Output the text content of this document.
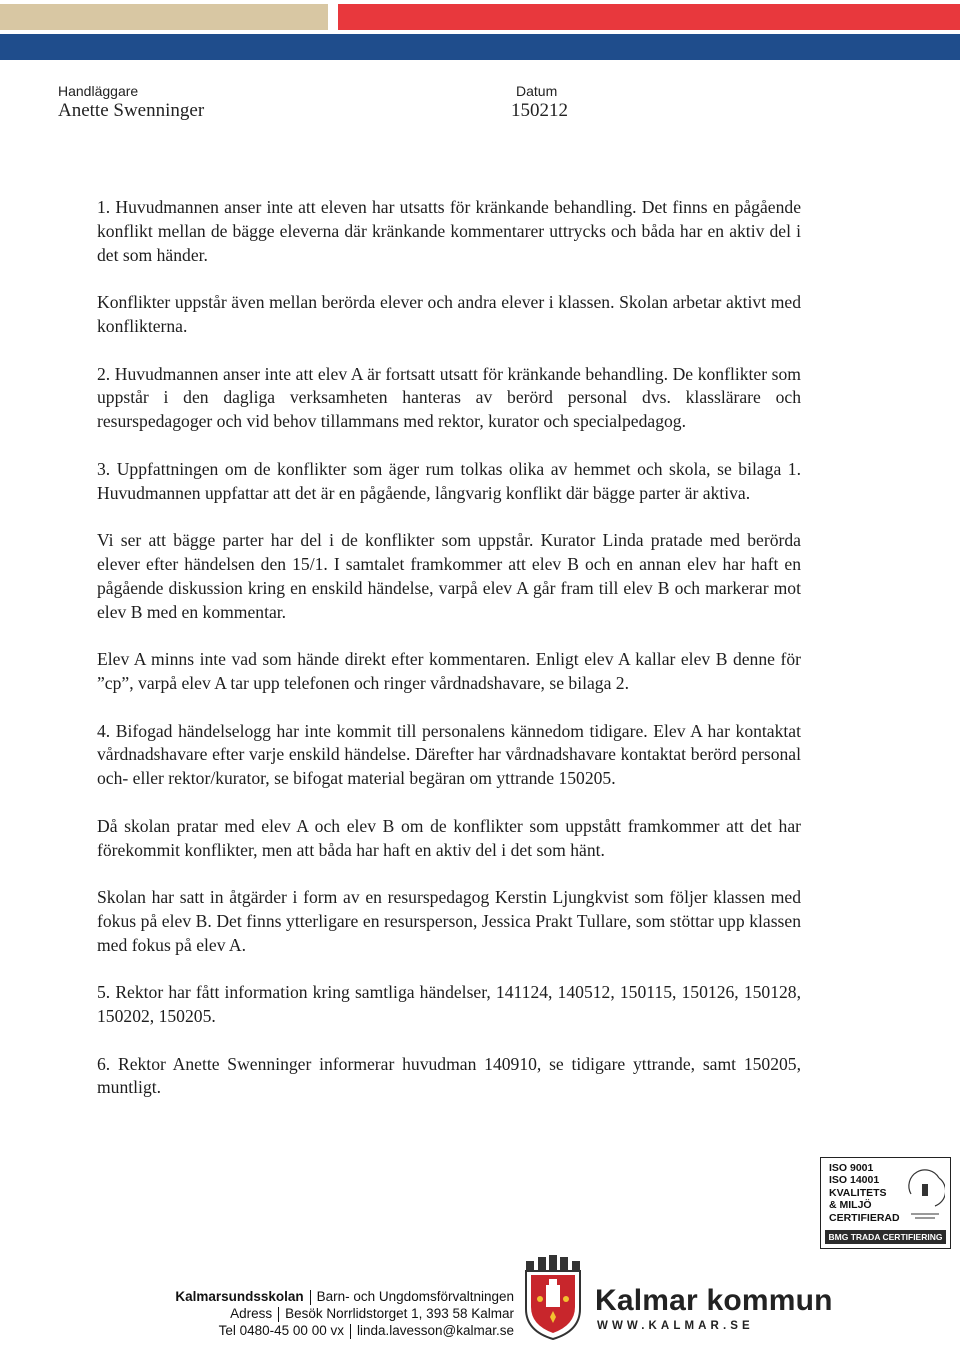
Handläggare
Anette Swenninger
Datum
150212

1. Huvudmannen anser inte att eleven har utsatts för kränkande behandling. Det finns en pågående konflikt mellan de bägge eleverna där kränkande kommentarer uttrycks och båda har en aktiv del i det som händer.

Konflikter uppstår även mellan berörda elever och andra elever i klassen. Skolan arbetar aktivt med konflikterna.

2. Huvudmannen anser inte att elev A är fortsatt utsatt för kränkande behandling. De konflikter som uppstår i den dagliga verksamheten hanteras av berörd personal dvs. klasslärare och resurspedagoger och vid behov tillammans med rektor, kurator och specialpedagog.

3. Uppfattningen om de konflikter som äger rum tolkas olika av hemmet och skola, se bilaga 1. Huvudmannen uppfattar att det är en pågående, långvarig konflikt där bägge parter är aktiva.

Vi ser att bägge parter har del i de konflikter som uppstår. Kurator Linda pratade med berörda elever efter händelsen den 15/1. I samtalet framkommer att elev B och en annan elev har haft en pågående diskussion kring en enskild händelse, varpå elev A går fram till elev B och markerar mot elev B med en kommentar.

Elev A minns inte vad som hände direkt efter kommentaren. Enligt elev A kallar elev B denne för ”cp”, varpå elev A tar upp telefonen och ringer vårdnadshavare, se bilaga 2.

4. Bifogad händelselogg har inte kommit till personalens kännedom tidigare. Elev A har kontaktat vårdnadshavare efter varje enskild händelse. Därefter har vårdnadshavare kontaktat berörd personal och- eller rektor/kurator, se bifogat material begäran om yttrande 150205.

Då skolan pratar med elev A och elev B om de konflikter som uppstått framkommer att det har förekommit konflikter, men att båda har haft en aktiv del i det som hänt.

Skolan har satt in åtgärder i form av en resurspedagog Kerstin Ljungkvist som följer klassen med fokus på elev B. Det finns ytterligare en resursperson, Jessica Prakt Tullare, som stöttar upp klassen med fokus på elev A.

5. Rektor har fått information kring samtliga händelser, 141124, 140512, 150115, 150126, 150128, 150202, 150205.

6. Rektor Anette Swenninger informerar huvudman 140910, se tidigare yttrande, samt 150205, muntligt.

ISO 9001
ISO 14001
KVALITETS
& MILJÖ
CERTIFIERAD
BMG TRADA CERTIFIERING
Kalmarsundsskolan Barn- och Ungdomsförvaltningen
Adress Besök Norrlidstorget 1, 393 58 Kalmar
Tel 0480-45 00 00 vx linda.lavesson@kalmar.se
Kalmar kommun
WWW.KALMAR.SE
